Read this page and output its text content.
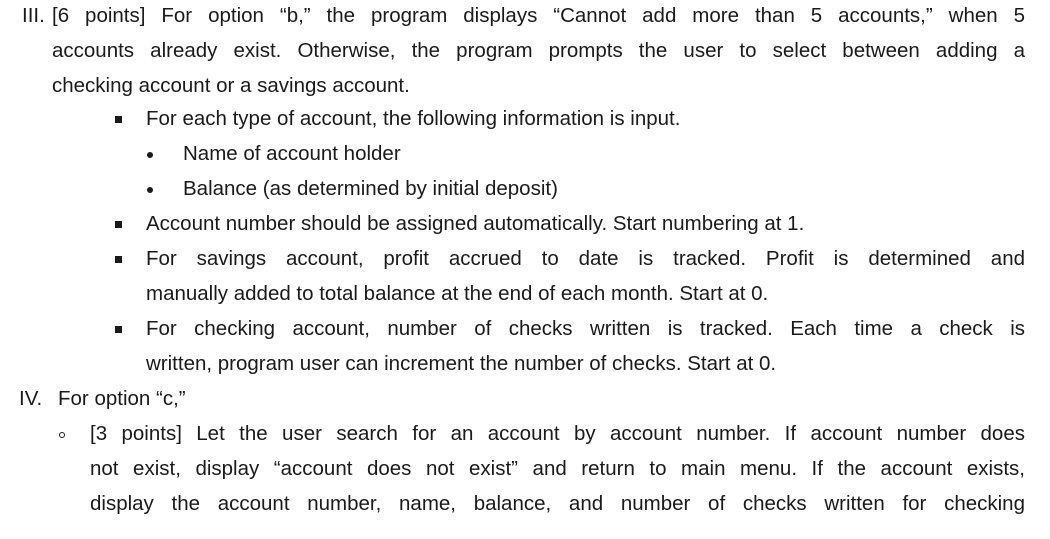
III. [6 points] For option “b,” the program displays “Cannot add more than 5 accounts,” when 5
accounts already exist. Otherwise, the program prompts the user to select between adding a
checking account or a savings account.
For each type of account, the following information is input.
Name of account holder
Balance (as determined by initial deposit)
Account number should be assigned automatically. Start numbering at 1.
For savings account, profit accrued to date is tracked. Profit is determined and
manually added to total balance at the end of each month. Start at 0.
For checking account, number of checks written is tracked. Each time a check is
written, program user can increment the number of checks. Start at 0.
IV. For option “c,”
[3 points] Let the user search for an account by account number. If account number does
not exist, display “account does not exist” and return to main menu. If the account exists,
display the account number, name, balance, and number of checks written for checking
